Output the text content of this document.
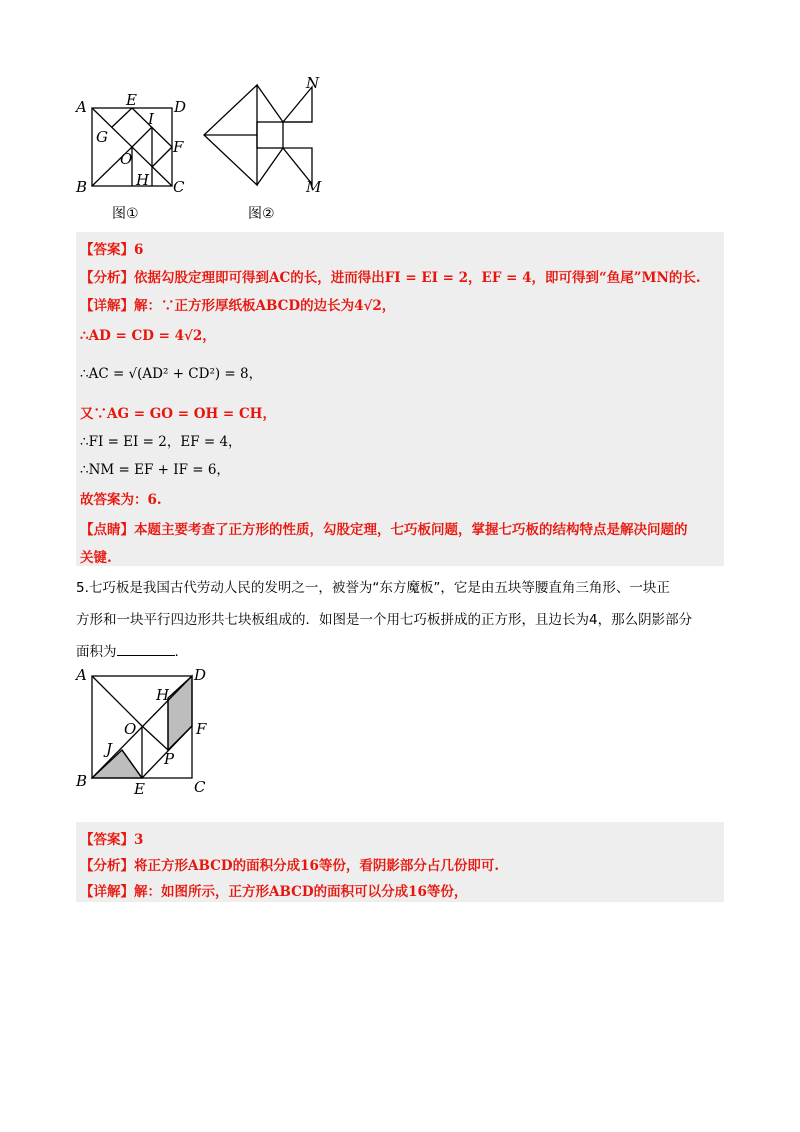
A	E D
G
I
O
F
H
B	C
图①
N
M
图②
【答案】6
【分析】依据勾股定理即可得到AC的长，进而得出FI = EI = 2，EF = 4，即可得到“鱼尾”MN的长.
【详解】解：∵正方形厚纸板ABCD的边长为4√2，
∴AD = CD = 4√2，
∴AC = √(AD² + CD²) = 8，
又∵AG = GO = OH = CH，
∴FI = EI = 2，EF = 4，
∴NM = EF + IF = 6，
故答案为：6.
【点睛】本题主要考查了正方形的性质，勾股定理，七巧板问题，掌握七巧板的结构特点是解决问题的
关键.
5.七巧板是我国古代劳动人民的发明之一，被誉为“东方魔板”，它是由五块等腰直角三角形、一块正
方形和一块平行四边形共七块板组成的．如图是一个用七巧板拼成的正方形，且边长为4，那么阴影部分
面积为	.
A	D
H
O	F
J
P
B	E	C
【答案】3
【分析】将正方形ABCD的面积分成16等份，看阴影部分占几份即可.
【详解】解：如图所示，正方形ABCD的面积可以分成16等份，
